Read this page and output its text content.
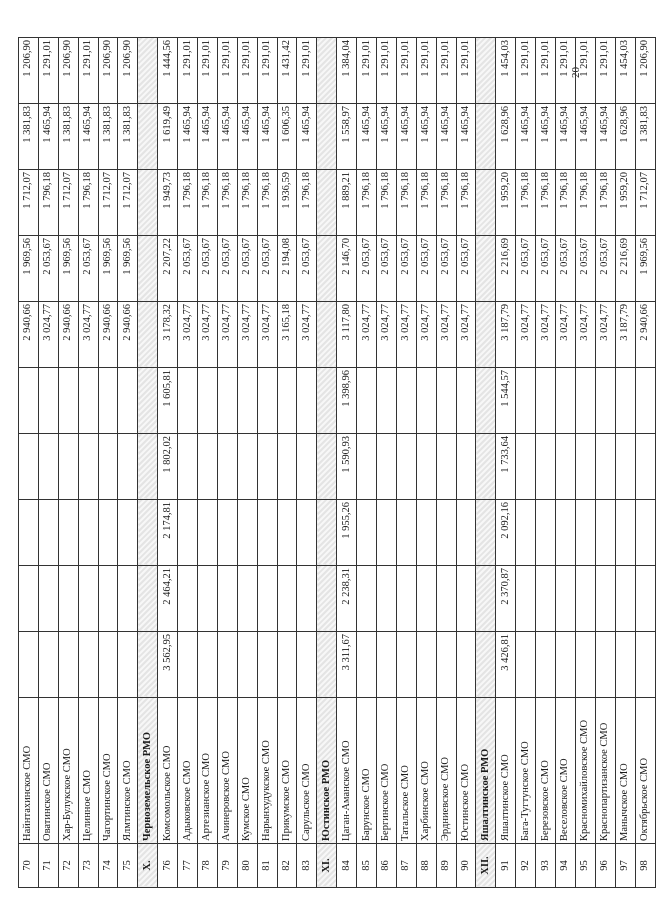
20
70	Найнтахинское СМО						2 940,66	1 969,56	1 712,07	1 381,83	1 206,90
71	Оватинское СМО						3 024,77	2 053,67	1 796,18	1 465,94	1 291,01
72	Хар-Булукское СМО						2 940,66	1 969,56	1 712,07	1 381,83	1 206,90
73	Целинное СМО						3 024,77	2 053,67	1 796,18	1 465,94	1 291,01
74	Чагортинское СМО						2 940,66	1 969,56	1 712,07	1 381,83	1 206,90
75	Ялмтинское СМО						2 940,66	1 969,56	1 712,07	1 381,83	1 206,90
X.	Черноземельское РМО										
76	Комсомольское СМО	3 562,95	2 464,21	2 174,81	1 802,02	1 605,81	3 178,32	2 207,22	1 949,73	1 619,49	1 444,56
77	Адыковское СМО						3 024,77	2 053,67	1 796,18	1 465,94	1 291,01
78	Артезианское СМО						3 024,77	2 053,67	1 796,18	1 465,94	1 291,01
79	Ачинеровское СМО						3 024,77	2 053,67	1 796,18	1 465,94	1 291,01
80	Кумское СМО						3 024,77	2 053,67	1 796,18	1 465,94	1 291,01
81	Нарынхудукское СМО						3 024,77	2 053,67	1 796,18	1 465,94	1 291,01
82	Прикумское СМО						3 165,18	2 194,08	1 936,59	1 606,35	1 431,42
83	Сарульское СМО						3 024,77	2 053,67	1 796,18	1 465,94	1 291,01
XI.	Юстинское РМО										
84	Цаган-Аманское СМО	3 311,67	2 238,31	1 955,26	1 590,93	1 398,96	3 117,80	2 146,70	1 889,21	1 558,97	1 384,04
85	Барунское СМО						3 024,77	2 053,67	1 796,18	1 465,94	1 291,01
86	Бергинское СМО						3 024,77	2 053,67	1 796,18	1 465,94	1 291,01
87	Татальское СМО						3 024,77	2 053,67	1 796,18	1 465,94	1 291,01
88	Харбинское СМО						3 024,77	2 053,67	1 796,18	1 465,94	1 291,01
89	Эрдниевское СМО						3 024,77	2 053,67	1 796,18	1 465,94	1 291,01
90	Юстинское СМО						3 024,77	2 053,67	1 796,18	1 465,94	1 291,01
XII.	Яшалтинское РМО										
91	Яшалтинское СМО	3 426,81	2 370,87	2 092,16	1 733,64	1 544,57	3 187,79	2 216,69	1 959,20	1 628,96	1 454,03
92	Бага-Тугтунское СМО						3 024,77	2 053,67	1 796,18	1 465,94	1 291,01
93	Березовское СМО						3 024,77	2 053,67	1 796,18	1 465,94	1 291,01
94	Веселовское СМО						3 024,77	2 053,67	1 796,18	1 465,94	1 291,01
95	Красномихайловское СМО						3 024,77	2 053,67	1 796,18	1 465,94	1 291,01
96	Краснопартизанское СМО						3 024,77	2 053,67	1 796,18	1 465,94	1 291,01
97	Манычское СМО						3 187,79	2 216,69	1 959,20	1 628,96	1 454,03
98	Октябрьское СМО						2 940,66	1 969,56	1 712,07	1 381,83	1 206,90
